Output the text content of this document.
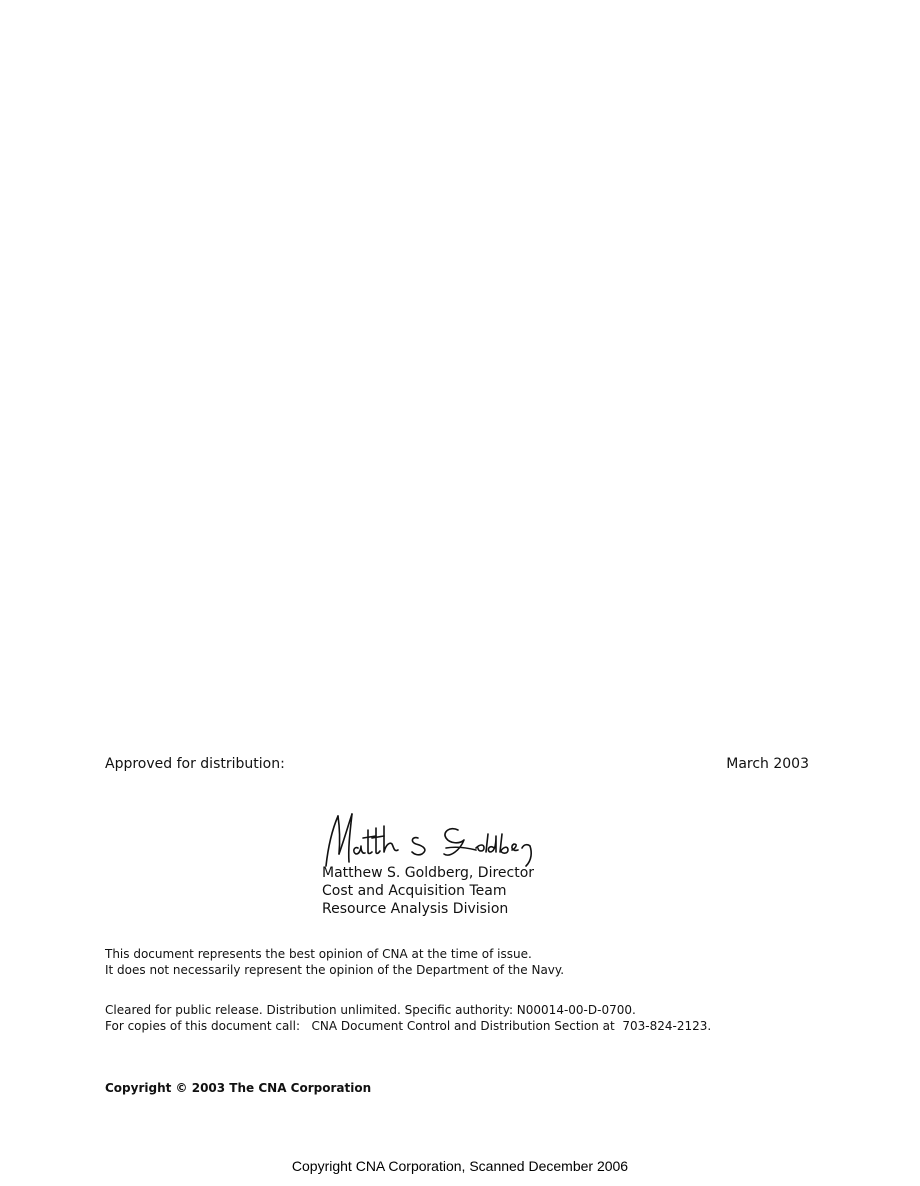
Approved for distribution:	March 2003
Matthew S. Goldberg, Director
Cost and Acquisition Team
Resource Analysis Division
This document represents the best opinion of CNA at the time of issue.
It does not necessarily represent the opinion of the Department of the Navy.
Cleared for public release. Distribution unlimited. Specific authority: N00014-00-D-0700.
For copies of this document call: CNA Document Control and Distribution Section at 703-824-2123.
Copyright © 2003 The CNA Corporation
Copyright CNA Corporation, Scanned December 2006
